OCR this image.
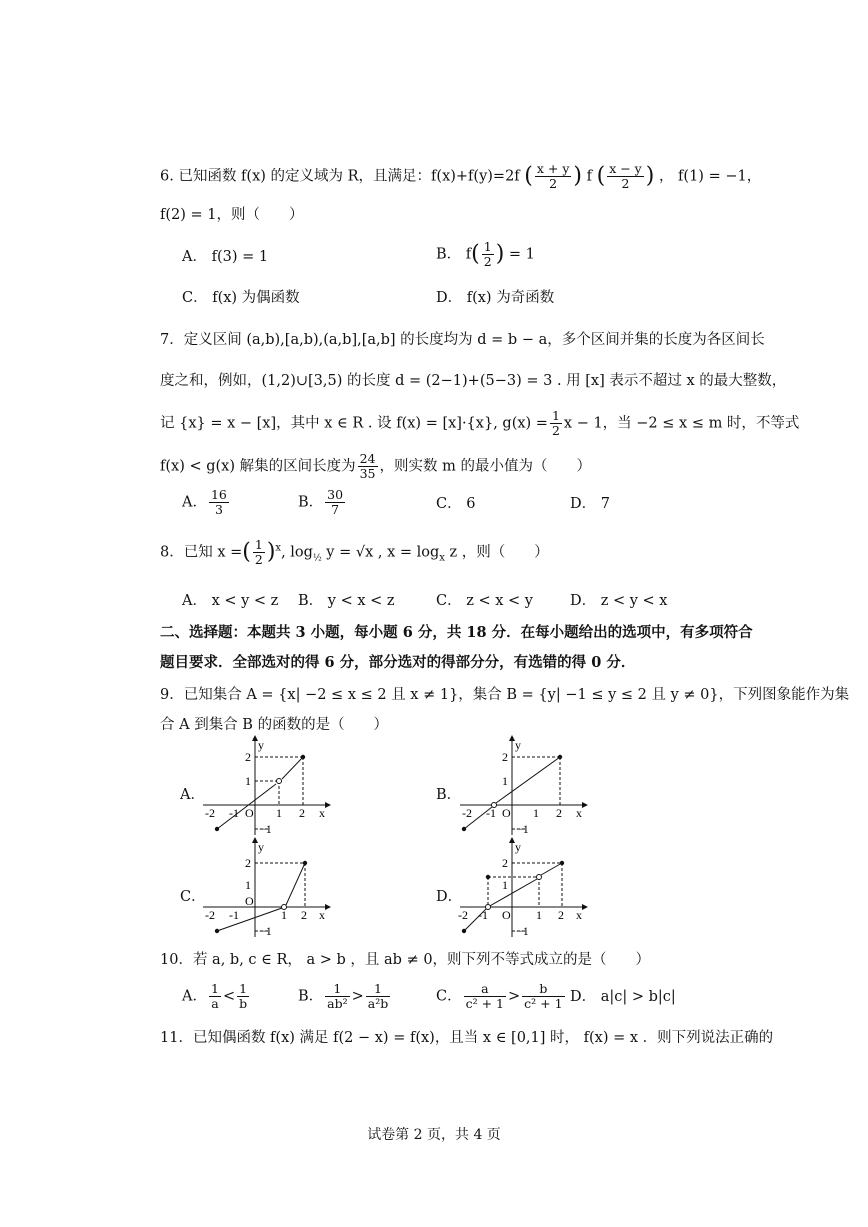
6. 已知函数 f(x) 的定义域为 R，且满足：f(x)+f(y)=2f ( $\frac{x + y}{2}$ ) f ( $\frac{x - y}{2}$ ) ， f(1) = −1，
f(2) = 1，则（　　）
A． f(3) = 1	B． $f( \frac{1}{2}$ ) = 1
C． f(x) 为偶函数	D． f(x) 为奇函数
7．定义区间 (a,b),[a,b),(a,b],[a,b] 的长度均为 d = b − a，多个区间并集的长度为各区间长
度之和，例如，(1,2)∪[3,5) 的长度 d = (2−1)+(5−3) = 3 . 用 [x] 表示不超过 x 的最大整数，
记 {x} = x − [x]，其中 x ∈ R . 设 f(x) = [x]·{x}, $g(x) = \frac{1}{2}$ x − 1，当 −2 ≤ x ≤ m 时，不等式
f(x) < g(x) 解集的区间长度为 $\frac{24}{35}$ ，则实数 m 的最小值为（　　）
A． $\frac{16}{3}$	B． $\frac{30}{7}$	C． 6	D． 7
8．已知 x =( $\frac{1}{2} )^x$, $\log_{\frac{1}{2}} y = √x$ , $x = \log_x z$ ，则（　　）
A． x < y < z B． y < x < z	C． z < x < y	D． z < y < x
二、选择题：本题共 3 小题，每小题 6 分，共 18 分．在每小题给出的选项中，有多项符合
题目要求．全部选对的得 6 分，部分选对的得部分分，有选错的得 0 分．
9．已知集合 A = {x| −2 ≤ x ≤ 2 且 x ≠ 1}，集合 B = {y| −1 ≤ y ≤ 2 且 y ≠ 0}，下列图象能作为集
合 A 到集合 B 的函数的是（　　）
A．	B．
C．	D．
y
x
O
-2 -1	1 2
1
2
−1
y
x
O
-2 -1	1 2
1
2
−1
y
x
O
-2 -1	1 2
1
2
−1
y
x
O
-2 -1	1 2
1
2
−1
10．若 a, b, c ∈ R， a > b ，且 ab ≠ 0，则下列不等式成立的是（　　）
A． $\frac{1}{a} < \frac{1}{b}$	B． $\frac{1}{\text{ab²}} > \frac{1}{\text{a²b}}$	C． $\frac{a}{\text{c² + 1}} > \frac{b}{\text{c² + 1}}$ D． a|c| > b|c|
11．已知偶函数 f(x) 满足 f(2 − x) = f(x)，且当 x ∈ [0,1] 时， f(x) = x ．则下列说法正确的
试卷第 2 页，共 4 页
